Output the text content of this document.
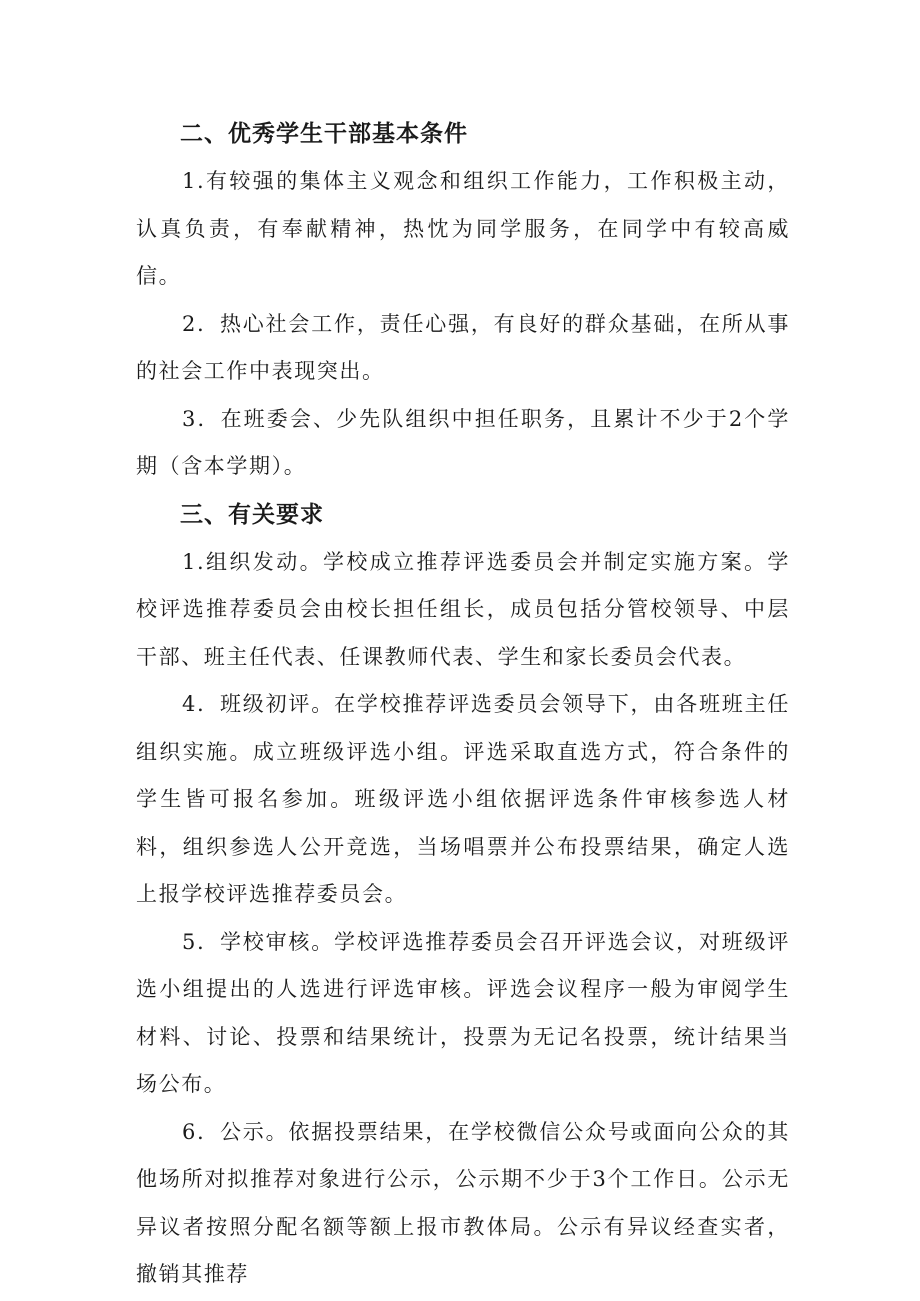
二、优秀学生干部基本条件

1.有较强的集体主义观念和组织工作能力，工作积极主动，认真负责，有奉献精神，热忱为同学服务，在同学中有较高威信。

2．热心社会工作，责任心强，有良好的群众基础，在所从事的社会工作中表现突出。

3．在班委会、少先队组织中担任职务，且累计不少于2个学期（含本学期）。

三、有关要求

1.组织发动。学校成立推荐评选委员会并制定实施方案。学校评选推荐委员会由校长担任组长，成员包括分管校领导、中层干部、班主任代表、任课教师代表、学生和家长委员会代表。

4．班级初评。在学校推荐评选委员会领导下，由各班班主任组织实施。成立班级评选小组。评选采取直选方式，符合条件的学生皆可报名参加。班级评选小组依据评选条件审核参选人材料，组织参选人公开竞选，当场唱票并公布投票结果，确定人选上报学校评选推荐委员会。

5．学校审核。学校评选推荐委员会召开评选会议，对班级评选小组提出的人选进行评选审核。评选会议程序一般为审阅学生材料、讨论、投票和结果统计，投票为无记名投票，统计结果当场公布。

6．公示。依据投票结果，在学校微信公众号或面向公众的其他场所对拟推荐对象进行公示，公示期不少于3个工作日。公示无异议者按照分配名额等额上报市教体局。公示有异议经查实者，撤销其推荐
